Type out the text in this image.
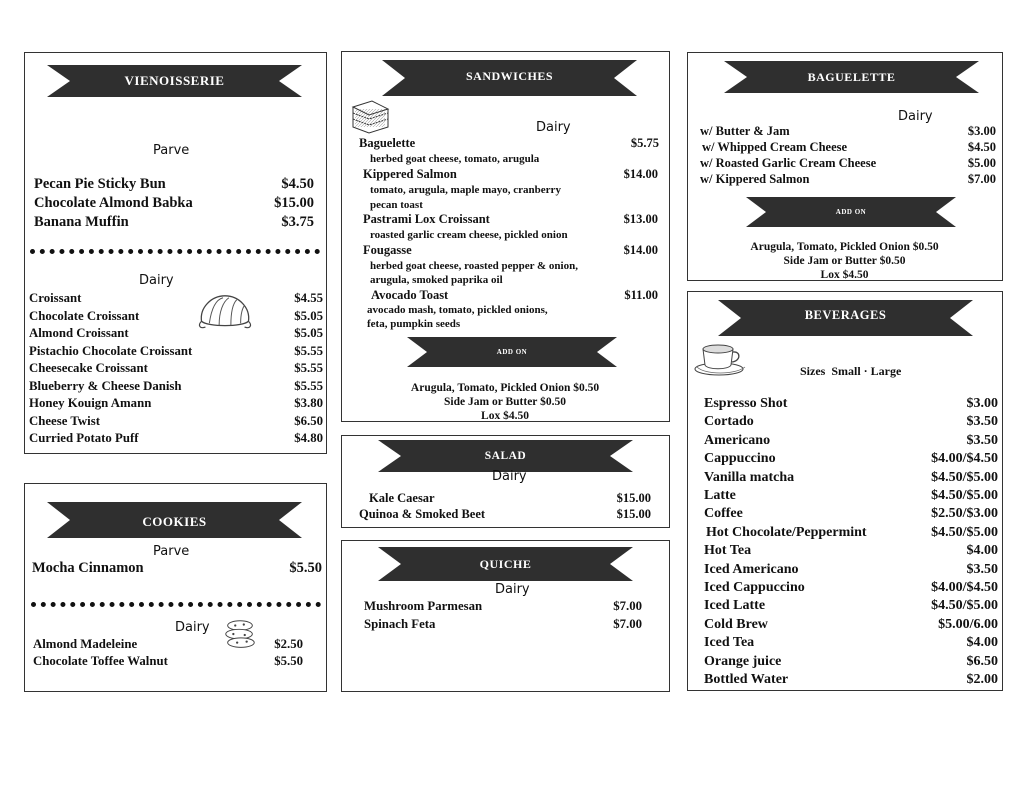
VIENOISSERIE
Parve
Pecan Pie Sticky Bun	$4.50
Chocolate Almond Babka	$15.00
Banana Muffin	$3.75
Dairy
Croissant	$4.55
Chocolate Croissant	$5.05
Almond Croissant	$5.05
Pistachio Chocolate Croissant	$5.55
Cheesecake Croissant	$5.55
Blueberry & Cheese Danish	$5.55
Honey Kouign Amann	$3.80
Cheese Twist	$6.50
Curried Potato Puff	$4.80
COOKIES
Parve
Mocha Cinnamon	$5.50
Dairy
Almond Madeleine	$2.50
Chocolate Toffee Walnut	$5.50
SANDWICHES
Dairy
Baguelette	$5.75
herbed goat cheese, tomato, arugula
Kippered Salmon	$14.00
tomato, arugula, maple mayo, cranberry
pecan toast
Pastrami Lox Croissant	$13.00
roasted garlic cream cheese, pickled onion
Fougasse	$14.00
herbed goat cheese, roasted pepper & onion,
arugula, smoked paprika oil
Avocado Toast	$11.00
avocado mash, tomato, pickled onions,
feta, pumpkin seeds
ADD ON
Arugula, Tomato, Pickled Onion $0.50
Side Jam or Butter $0.50
Lox $4.50
SALAD
Dairy
Kale Caesar	$15.00
Quinoa & Smoked Beet	$15.00
QUICHE
Dairy
Mushroom Parmesan	$7.00
Spinach Feta	$7.00
BAGUELETTE
Dairy
w/ Butter & Jam	$3.00
w/ Whipped Cream Cheese	$4.50
w/ Roasted Garlic Cream Cheese	$5.00
w/ Kippered Salmon	$7.00
ADD ON
Arugula, Tomato, Pickled Onion $0.50
Side Jam or Butter $0.50
Lox $4.50
BEVERAGES
Sizes  Small · Large
Espresso Shot	$3.00
Cortado	$3.50
Americano	$3.50
Cappuccino	$4.00/$4.50
Vanilla matcha	$4.50/$5.00
Latte	$4.50/$5.00
Coffee	$2.50/$3.00
Hot Chocolate/Peppermint	$4.50/$5.00
Hot Tea	$4.00
Iced Americano	$3.50
Iced Cappuccino	$4.00/$4.50
Iced Latte	$4.50/$5.00
Cold Brew	$5.00/6.00
Iced Tea	$4.00
Orange juice	$6.50
Bottled Water	$2.00
